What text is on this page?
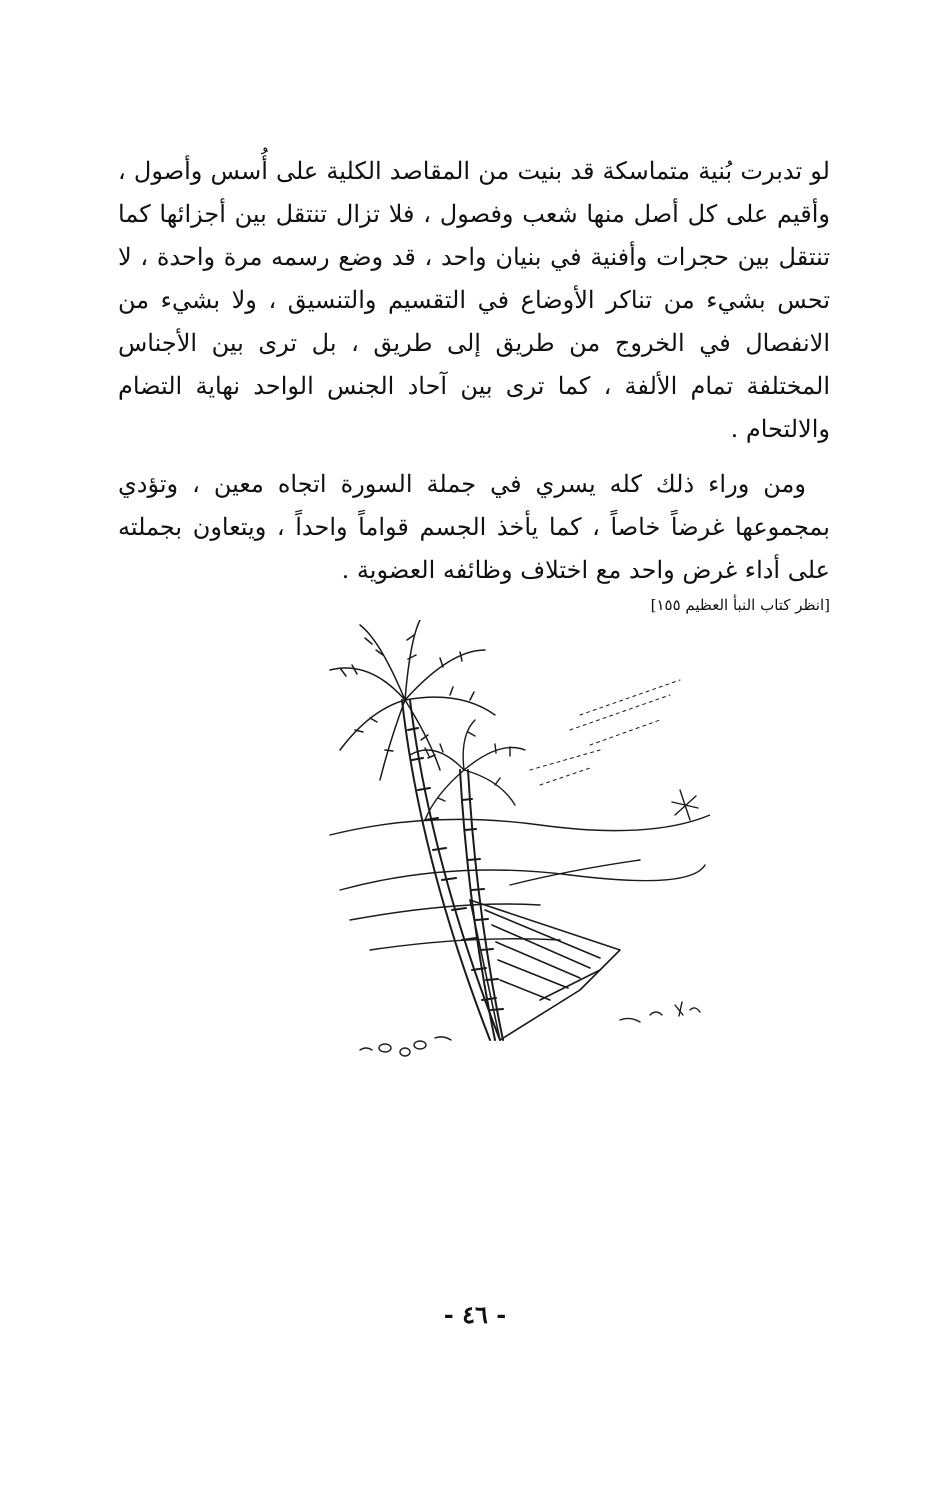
لو تدبرت بُنية متماسكة قد بنيت من المقاصد الكلية على أُسس وأصول ، وأقيم على كل أصل منها شعب وفصول ، فلا تزال تنتقل بين أجزائها كما تنتقل بين حجرات وأفنية في بنيان واحد ، قد وضع رسمه مرة واحدة ، لا تحس بشيء من تناكر الأوضاع في التقسيم والتنسيق ، ولا بشيء من الانفصال في الخروج من طريق إلى طريق ، بل ترى بين الأجناس المختلفة تمام الألفة ، كما ترى بين آحاد الجنس الواحد نهاية التضام والالتحام .

ومن وراء ذلك كله يسري في جملة السورة اتجاه معين ، وتؤدي بمجموعها غرضاً خاصاً ، كما يأخذ الجسم قواماً واحداً ، ويتعاون بجملته على أداء غرض واحد مع اختلاف وظائفه العضوية .

[انظر كتاب النبأ العظيم ١٥٥]
- ٤٦ -
